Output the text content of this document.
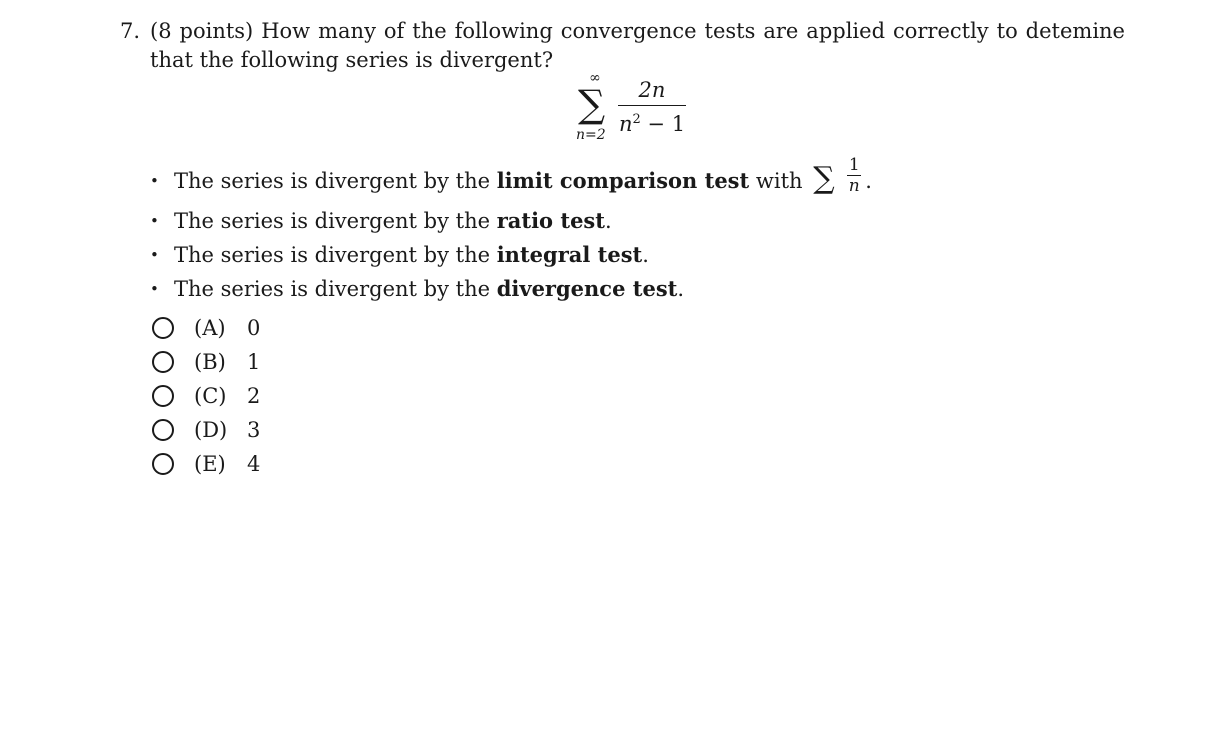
7. (8 points) How many of the following convergence tests are applied correctly to detemine that the following series is divergent?
∞
∑
n=2
2n
$n^2 - 1$
• The series is divergent by the limit comparison test with ∑ 1
n .
• The series is divergent by the ratio test.
• The series is divergent by the integral test.
• The series is divergent by the divergence test.
(A) 0
(B) 1
(C) 2
(D) 3
(E) 4
